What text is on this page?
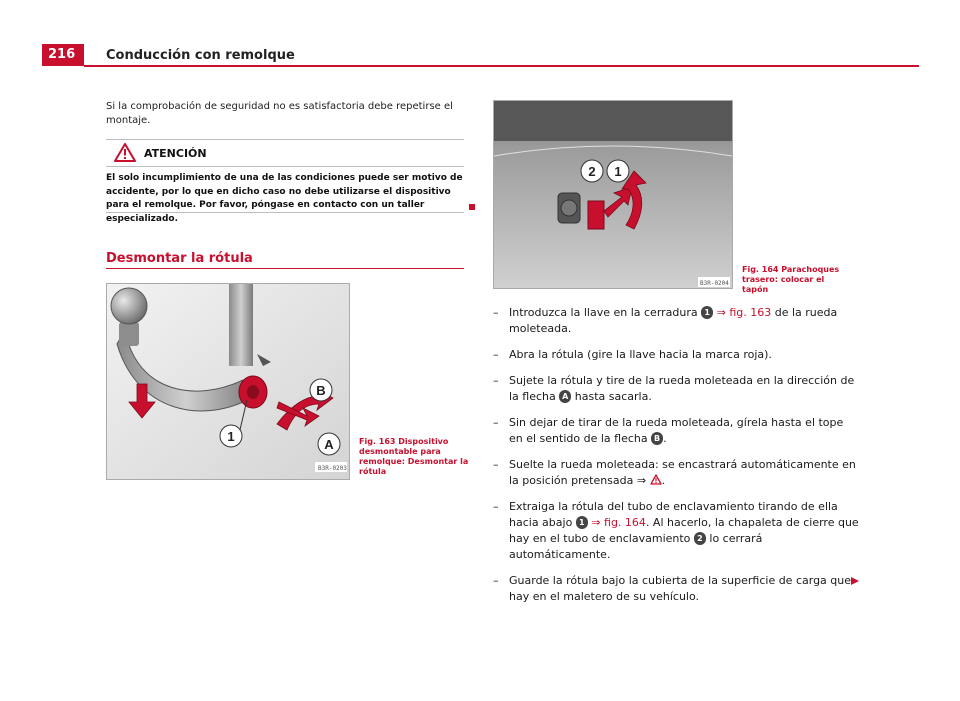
216	Conducción con remolque

Si la comprobación de seguridad no es satisfactoria debe repetirse el montaje.

ATENCIÓN

El solo incumplimiento de una de las condiciones puede ser motivo de accidente, por lo que en dicho caso no debe utilizarse el dispositivo para el remolque. Por favor, póngase en contacto con un taller especializado.

Desmontar la rótula
1
A
B
B3R-0203

Fig. 163 Dispositivo desmontable para remolque: Desmontar la rótula

2 1
B3R-0204

Fig. 164 Parachoques trasero: colocar el tapón

– Introduzca la llave en la cerradura 1 ⇒ fig. 163 de la rueda moleteada.
– Abra la rótula (gire la llave hacia la marca roja).
– Sujete la rótula y tire de la rueda moleteada en la dirección de la flecha A hasta sacarla.
– Sin dejar de tirar de la rueda moleteada, gírela hasta el tope en el sentido de la flecha B .
– Suelte la rueda moleteada: se encastrará automáticamente en la posición pretensada ⇒ .
– Extraiga la rótula del tubo de enclavamiento tirando de ella hacia abajo 1 ⇒ fig. 164. Al hacerlo, la chapaleta de cierre que hay en el tubo de enclavamiento 2 lo cerrará automáticamente.
– Guarde la rótula bajo la cubierta de la superficie de carga que hay en el maletero de su vehículo.
